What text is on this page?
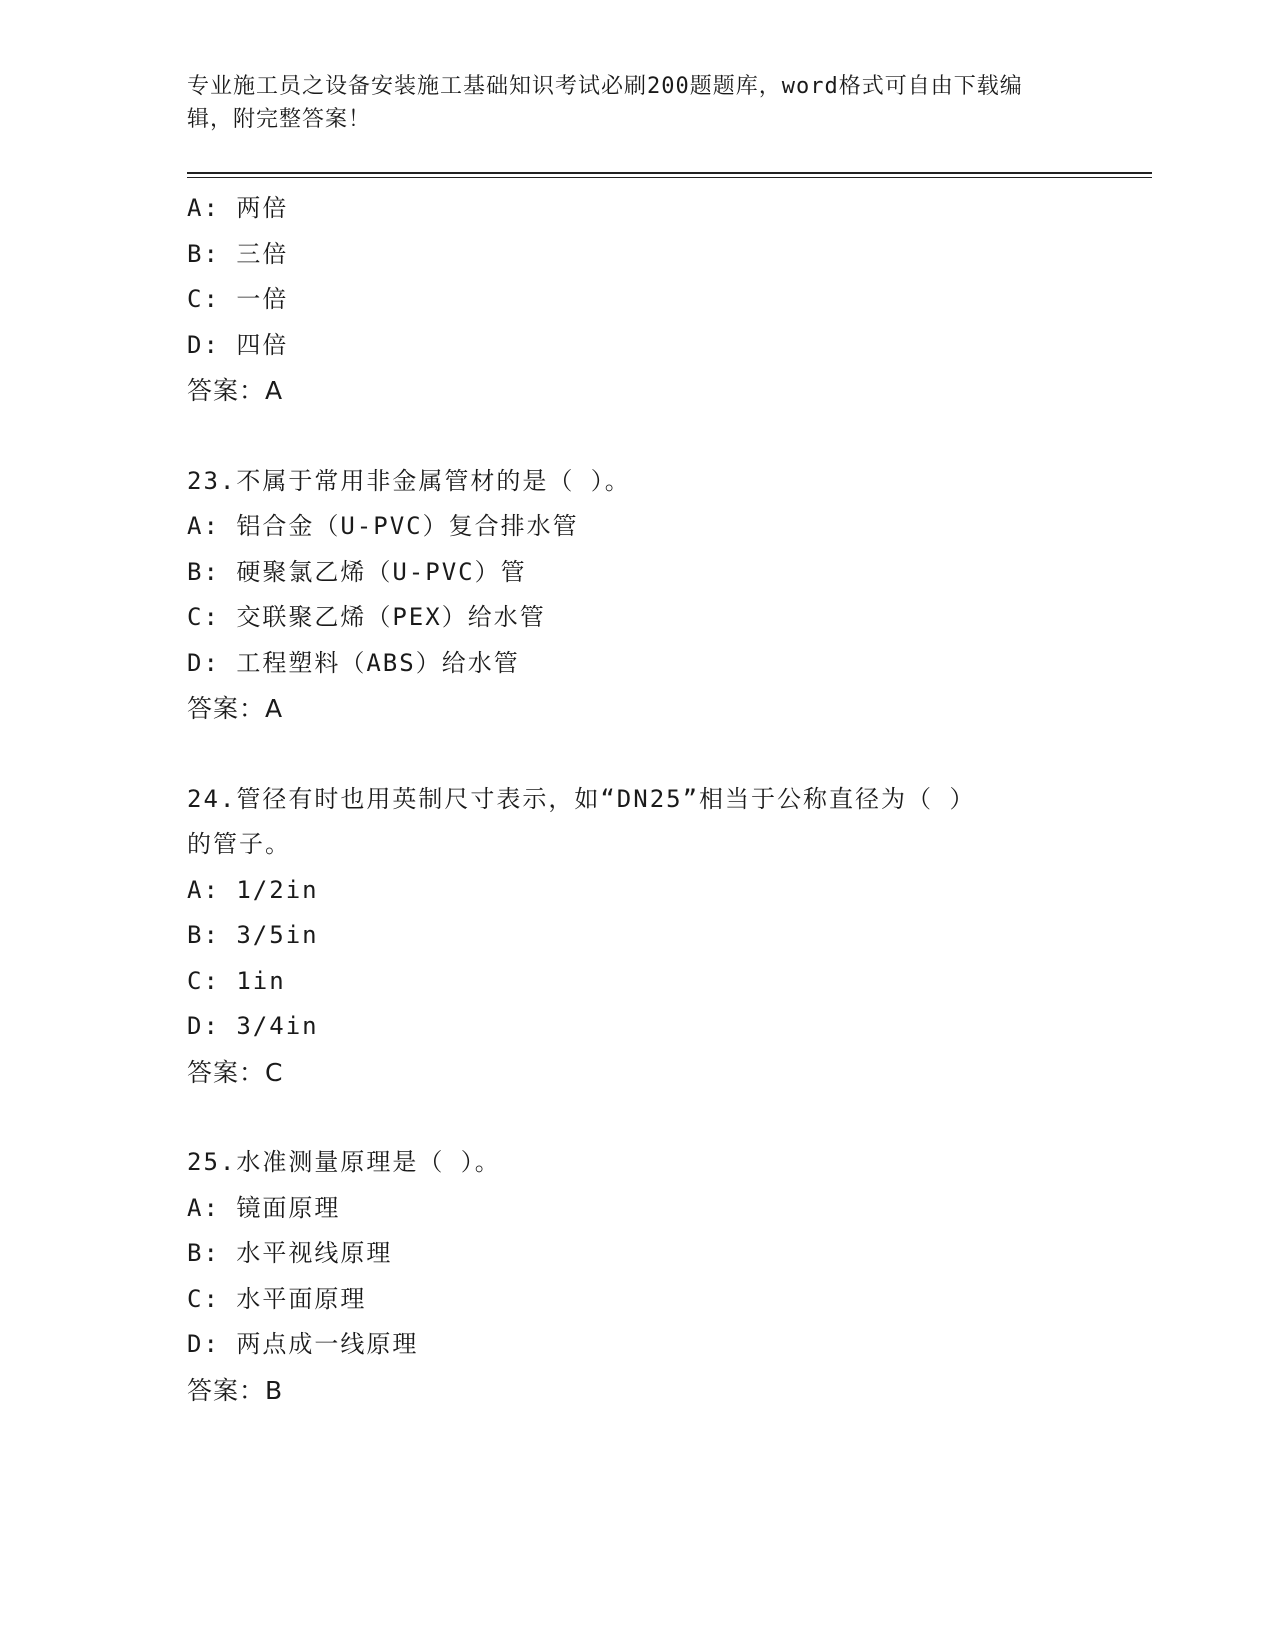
专业施工员之设备安装施工基础知识考试必刷200题题库，word格式可自由下载编辑，附完整答案！
A: 两倍
B: 三倍
C: 一倍
D: 四倍
答案：A
23.不属于常用非金属管材的是（ ）。
A: 铝合金（U-PVC）复合排水管
B: 硬聚氯乙烯（U-PVC）管
C: 交联聚乙烯（PEX）给水管
D: 工程塑料（ABS）给水管
答案：A
24.管径有时也用英制尺寸表示，如“DN25”相当于公称直径为（ ）
的管子。
A: 1/2in
B: 3/5in
C: 1in
D: 3/4in
答案：C
25.水准测量原理是（ ）。
A: 镜面原理
B: 水平视线原理
C: 水平面原理
D: 两点成一线原理
答案：B
